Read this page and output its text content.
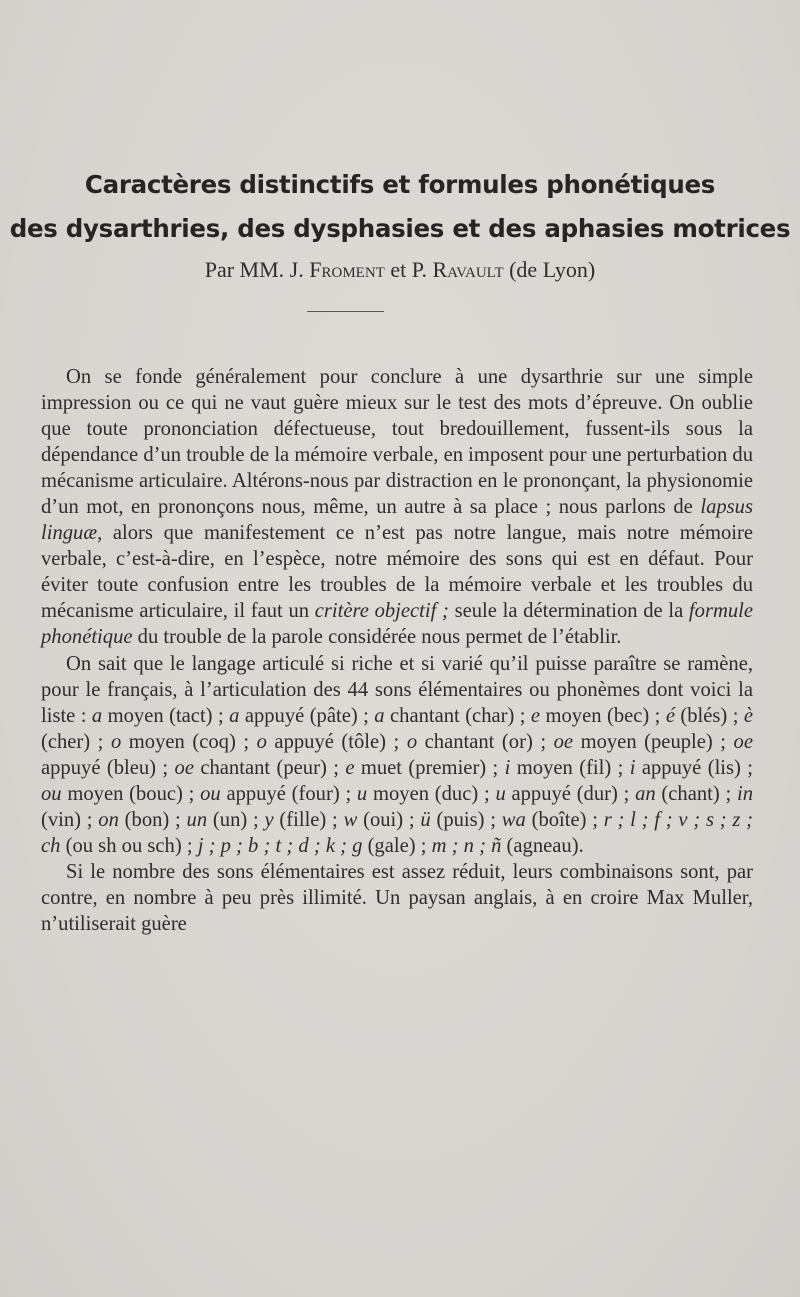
Caractères distinctifs et formules phonétiques
des dysarthries, des dysphasies et des aphasies motrices
Par MM. J. Froment et P. Ravault (de Lyon)

On se fonde généralement pour conclure à une dysarthrie sur une simple impression ou ce qui ne vaut guère mieux sur le test des mots d’épreuve. On oublie que toute prononciation défectueuse, tout bredouillement, fussent-ils sous la dépendance d’un trouble de la mémoire verbale, en imposent pour une perturbation du mécanisme articulaire. Altérons-nous par distraction en le prononçant, la physionomie d’un mot, en prononçons nous, même, un autre à sa place ; nous parlons de lapsus linguæ, alors que manifestement ce n’est pas notre langue, mais notre mémoire verbale, c’est-à-dire, en l’espèce, notre mémoire des sons qui est en défaut. Pour éviter toute confusion entre les troubles de la mémoire verbale et les troubles du mécanisme articulaire, il faut un critère objectif ; seule la détermination de la formule phonétique du trouble de la parole considérée nous permet de l’établir.

On sait que le langage articulé si riche et si varié qu’il puisse paraître se ramène, pour le français, à l’articulation des 44 sons élémentaires ou phonèmes dont voici la liste : a moyen (tact) ; a appuyé (pâte) ; a chantant (char) ; e moyen (bec) ; é (blés) ; è (cher) ; o moyen (coq) ; o appuyé (tôle) ; o chantant (or) ; oe moyen (peuple) ; oe appuyé (bleu) ; oe chantant (peur) ; e muet (premier) ; i moyen (fil) ; i appuyé (lis) ; ou moyen (bouc) ; ou appuyé (four) ; u moyen (duc) ; u appuyé (dur) ; an (chant) ; in (vin) ; on (bon) ; un (un) ; y (fille) ; w (oui) ; ü (puis) ; wa (boîte) ; r ; l ; f ; v ; s ; z ; ch (ou sh ou sch) ; j ; p ; b ; t ; d ; k ; g (gale) ; m ; n ; ñ (agneau).

Si le nombre des sons élémentaires est assez réduit, leurs combinaisons sont, par contre, en nombre à peu près illimité. Un paysan anglais, à en croire Max Muller, n’utiliserait guère
